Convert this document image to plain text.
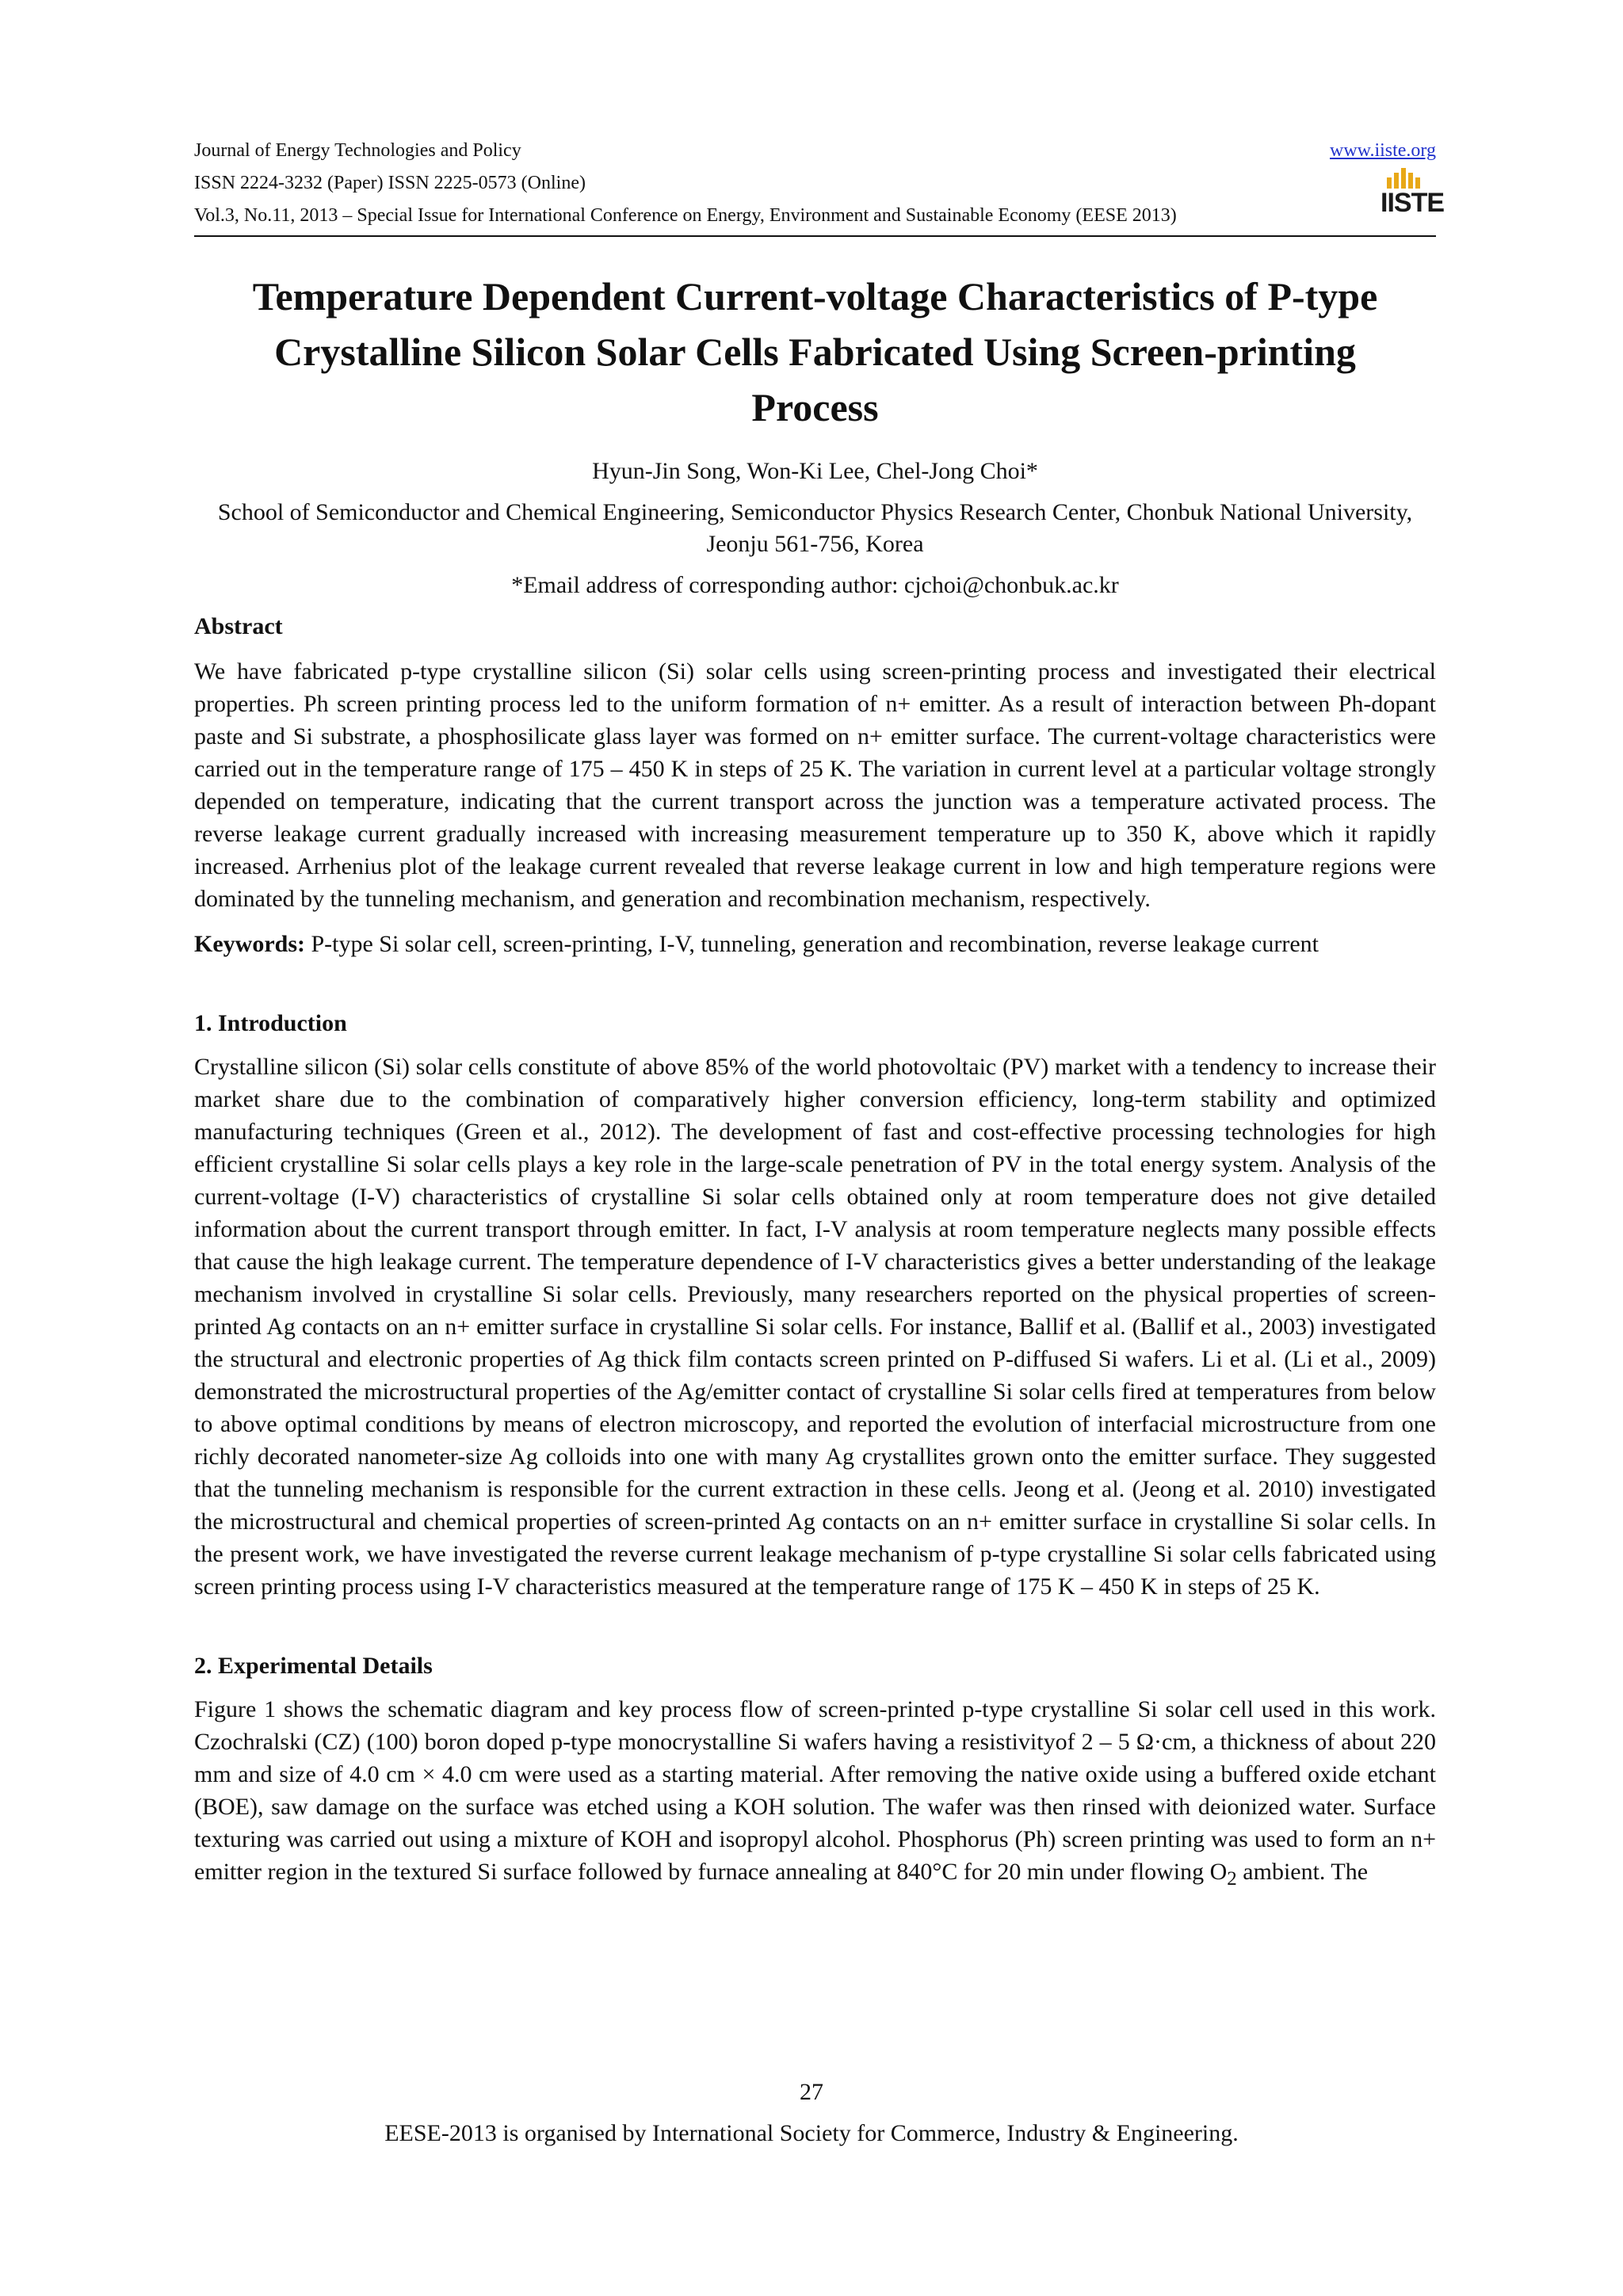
Journal of Energy Technologies and Policy	www.iiste.org
ISSN 2224-3232 (Paper) ISSN 2225-0573 (Online)
Vol.3, No.11, 2013 – Special Issue for International Conference on Energy, Environment and Sustainable Economy (EESE 2013)	IISTE
Temperature Dependent Current-voltage Characteristics of P-type Crystalline Silicon Solar Cells Fabricated Using Screen-printing Process
Hyun-Jin Song, Won-Ki Lee, Chel-Jong Choi*
School of Semiconductor and Chemical Engineering, Semiconductor Physics Research Center, Chonbuk National University, Jeonju 561-756, Korea
*Email address of corresponding author: cjchoi@chonbuk.ac.kr
Abstract
We have fabricated p-type crystalline silicon (Si) solar cells using screen-printing process and investigated their electrical properties. Ph screen printing process led to the uniform formation of n+ emitter. As a result of interaction between Ph-dopant paste and Si substrate, a phosphosilicate glass layer was formed on n+ emitter surface. The current-voltage characteristics were carried out in the temperature range of 175 – 450 K in steps of 25 K. The variation in current level at a particular voltage strongly depended on temperature, indicating that the current transport across the junction was a temperature activated process. The reverse leakage current gradually increased with increasing measurement temperature up to 350 K, above which it rapidly increased. Arrhenius plot of the leakage current revealed that reverse leakage current in low and high temperature regions were dominated by the tunneling mechanism, and generation and recombination mechanism, respectively.
Keywords: P-type Si solar cell, screen-printing, I-V, tunneling, generation and recombination, reverse leakage current
1. Introduction
Crystalline silicon (Si) solar cells constitute of above 85% of the world photovoltaic (PV) market with a tendency to increase their market share due to the combination of comparatively higher conversion efficiency, long-term stability and optimized manufacturing techniques (Green et al., 2012). The development of fast and cost-effective processing technologies for high efficient crystalline Si solar cells plays a key role in the large-scale penetration of PV in the total energy system. Analysis of the current-voltage (I-V) characteristics of crystalline Si solar cells obtained only at room temperature does not give detailed information about the current transport through emitter. In fact, I-V analysis at room temperature neglects many possible effects that cause the high leakage current. The temperature dependence of I-V characteristics gives a better understanding of the leakage mechanism involved in crystalline Si solar cells. Previously, many researchers reported on the physical properties of screen-printed Ag contacts on an n+ emitter surface in crystalline Si solar cells. For instance, Ballif et al. (Ballif et al., 2003) investigated the structural and electronic properties of Ag thick film contacts screen printed on P-diffused Si wafers. Li et al. (Li et al., 2009) demonstrated the microstructural properties of the Ag/emitter contact of crystalline Si solar cells fired at temperatures from below to above optimal conditions by means of electron microscopy, and reported the evolution of interfacial microstructure from one richly decorated nanometer-size Ag colloids into one with many Ag crystallites grown onto the emitter surface. They suggested that the tunneling mechanism is responsible for the current extraction in these cells. Jeong et al. (Jeong et al. 2010) investigated the microstructural and chemical properties of screen-printed Ag contacts on an n+ emitter surface in crystalline Si solar cells. In the present work, we have investigated the reverse current leakage mechanism of p-type crystalline Si solar cells fabricated using screen printing process using I-V characteristics measured at the temperature range of 175 K – 450 K in steps of 25 K.
2. Experimental Details
Figure 1 shows the schematic diagram and key process flow of screen-printed p-type crystalline Si solar cell used in this work. Czochralski (CZ) (100) boron doped p-type monocrystalline Si wafers having a resistivityof 2 – 5 Ω·cm, a thickness of about 220 mm and size of 4.0 cm × 4.0 cm were used as a starting material. After removing the native oxide using a buffered oxide etchant (BOE), saw damage on the surface was etched using a KOH solution. The wafer was then rinsed with deionized water. Surface texturing was carried out using a mixture of KOH and isopropyl alcohol. Phosphorus (Ph) screen printing was used to form an n+ emitter region in the textured Si surface followed by furnace annealing at 840°C for 20 min under flowing $O_2$ ambient. The
27
EESE-2013 is organised by International Society for Commerce, Industry & Engineering.
